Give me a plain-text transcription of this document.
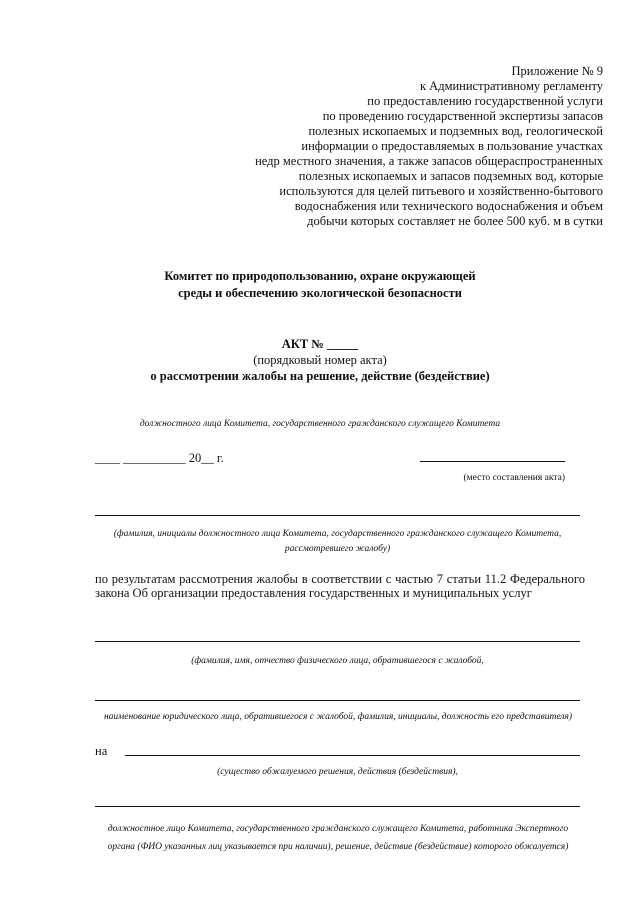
Приложение № 9
к Административному регламенту
по предоставлению государственной услуги
по проведению государственной экспертизы запасов
полезных ископаемых и подземных вод, геологической
информации о предоставляемых в пользование участках
недр местного значения, а также запасов общераспространенных
полезных ископаемых и запасов подземных вод, которые
используются для целей питьевого и хозяйственно-бытового
водоснабжения или технического водоснабжения и объем
добычи которых составляет не более 500 куб. м в сутки
Комитет по природопользованию, охране окружающей
среды и обеспечению экологической безопасности
АКТ № _____
(порядковый номер акта)
о рассмотрении жалобы на решение, действие (бездействие)
должностного лица Комитета, государственного гражданского служащего Комитета
____ __________ 20__ г.
(место составления акта)
(фамилия, инициалы должностного лица Комитета, государственного гражданского служащего Комитета,
рассмотревшего жалобу)
по результатам рассмотрения жалобы в соответствии с частью 7 статьи 11.2 Федерального закона Об организации предоставления государственных и муниципальных услуг
(фамилия, имя, отчество физического лица, обратившегося с жалобой,
наименование юридического лица, обратившегося с жалобой, фамилия, инициалы, должность его представителя)
на
(существо обжалуемого решения, действия (бездействия),
должностное лицо Комитета, государственного гражданского служащего Комитета, работника Экспертного
органа (ФИО указанных лиц указывается при наличии), решение, действие (бездействие) которого обжалуется)
